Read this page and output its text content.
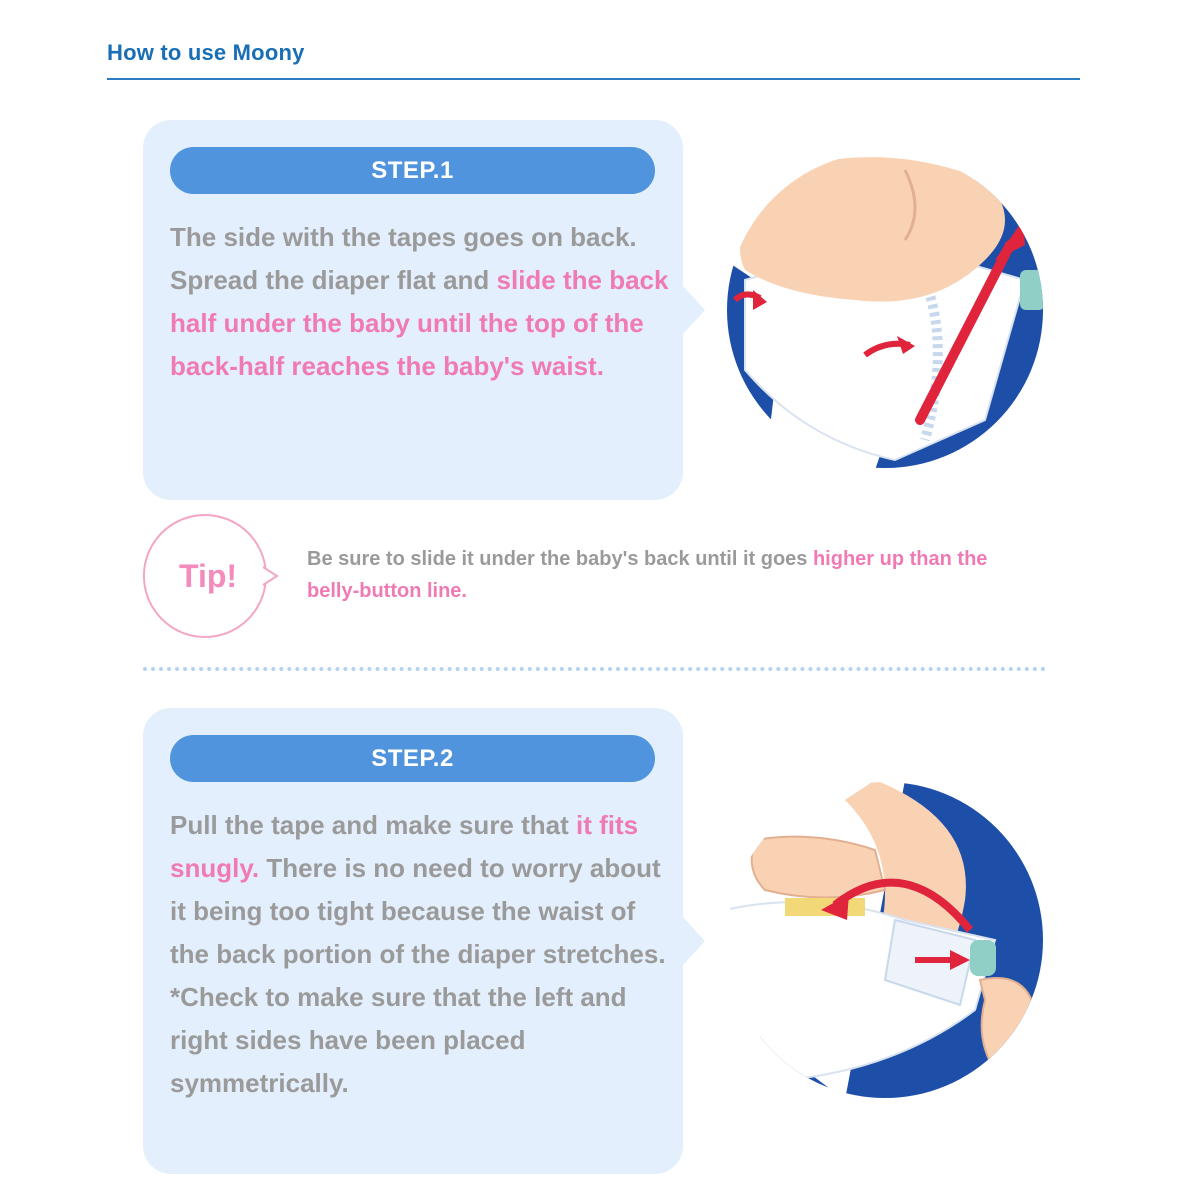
How to use Moony
STEP.1

The side with the tapes goes on back.
Spread the diaper flat and slide the back half under the baby until the top of the back-half reaches the baby's waist.

Tip!	Be sure to slide it under the baby's back until it goes higher up than the belly-button line.
STEP.2

Pull the tape and make sure that it fits snugly. There is no need to worry about it being too tight because the waist of the back portion of the diaper stretches.
*Check to make sure that the left and right sides have been placed symmetrically.
